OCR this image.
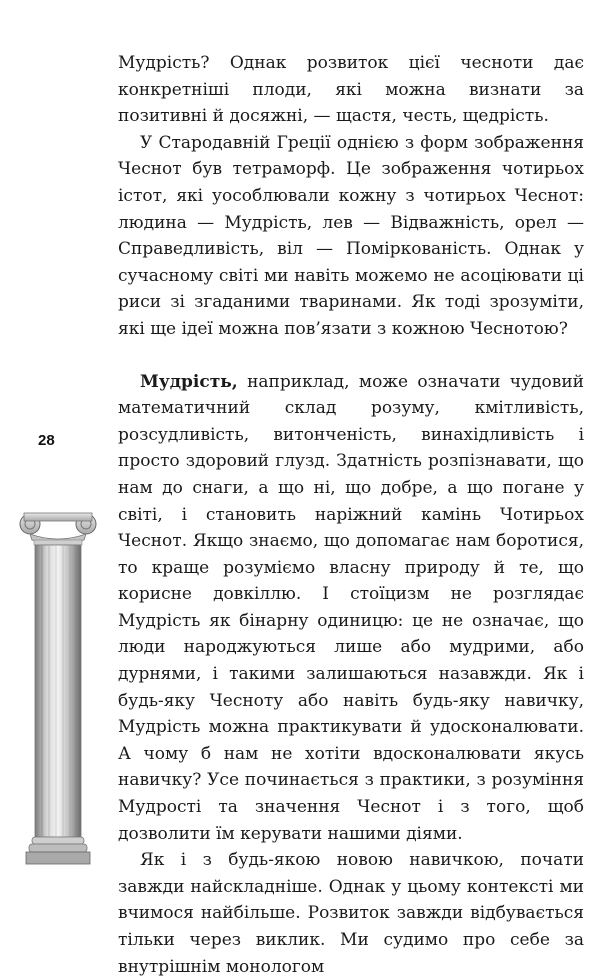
Мудрість? Однак розвиток цієї чесноти дає конкретніші плоди, які можна визнати за позитивні й досяжні, — щастя, честь, щедрість.

У Стародавній Греції однією з форм зображення Чеснот був тетраморф. Це зображення чотирьох істот, які уособлювали кожну з чотирьох Чеснот: людина — Мудрість, лев — Відважність, орел — Справедливість, віл — Поміркованість. Однак у сучасному світі ми навіть можемо не асоціювати ці риси зі згаданими тваринами. Як тоді зрозуміти, які ще ідеї можна пов’язати з кожною Чеснотою?

Мудрість, наприклад, може означати чудовий математичний склад розуму, кмітливість, розсудливість, витонченість, винахідливість і просто здоровий глузд. Здатність розпізнавати, що нам до снаги, а що ні, що добре, а що погане у світі, і становить наріжний камінь Чотирьох Чеснот. Якщо знаємо, що допомагає нам боротися, то краще розуміємо власну природу й те, що корисне довкіллю. І стоїцизм не розглядає Мудрість як бінарну одиницю: це не означає, що люди народжуються лише або мудрими, або дурнями, і такими залишаються назавжди. Як і будь-яку Чесноту або навіть будь-яку навичку, Мудрість можна практикувати й удосконалювати. А чому б нам не хотіти вдосконалювати якусь навичку? Усе починається з практики, з розуміння Мудрості та значення Чеснот і з того, щоб дозволити їм керувати нашими діями.

Як і з будь-якою новою навичкою, почати завжди найскладніше. Однак у цьому контексті ми вчимося найбільше. Розвиток завжди відбувається тільки через виклик. Ми судимо про себе за внутрішнім монологом

28
